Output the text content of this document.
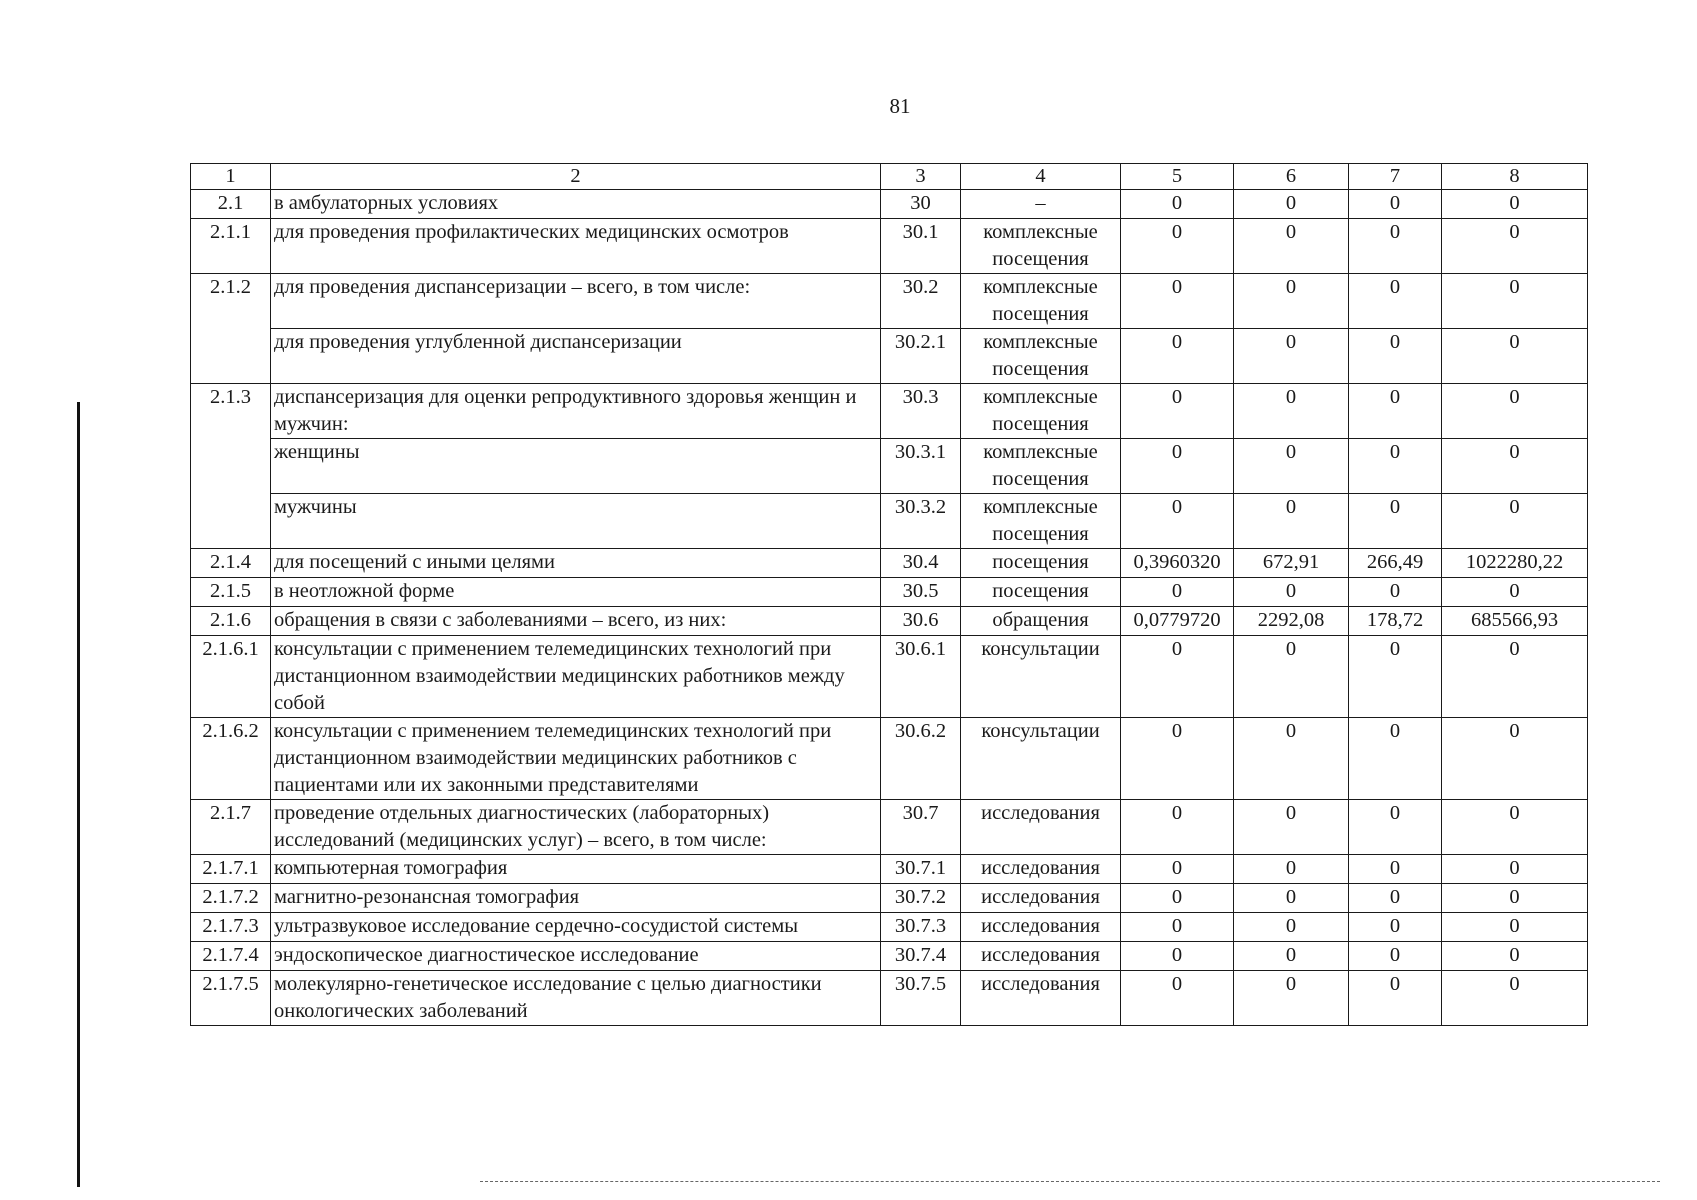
81
1	2	3	4	5	6	7	8
2.1	в амбулаторных условиях	30	–	0	0	0	0
2.1.1	для проведения профилактических медицинских осмотров	30.1	комплексные посещения	0	0	0	0
2.1.2	для проведения диспансеризации – всего, в том числе:	30.2	комплексные посещения	0	0	0	0
	для проведения углубленной диспансеризации	30.2.1	комплексные посещения	0	0	0	0
2.1.3	диспансеризация для оценки репродуктивного здоровья женщин и мужчин:	30.3	комплексные посещения	0	0	0	0
	женщины	30.3.1	комплексные посещения	0	0	0	0
	мужчины	30.3.2	комплексные посещения	0	0	0	0
2.1.4	для посещений с иными целями	30.4	посещения	0,3960320	672,91	266,49	1022280,22
2.1.5	в неотложной форме	30.5	посещения	0	0	0	0
2.1.6	обращения в связи с заболеваниями – всего, из них:	30.6	обращения	0,0779720	2292,08	178,72	685566,93
2.1.6.1	консультации с применением телемедицинских технологий при дистанционном взаимодействии медицинских работников между собой	30.6.1	консультации	0	0	0	0
2.1.6.2	консультации с применением телемедицинских технологий при дистанционном взаимодействии медицинских работников с пациентами или их законными представителями	30.6.2	консультации	0	0	0	0
2.1.7	проведение отдельных диагностических (лабораторных) исследований (медицинских услуг) – всего, в том числе:	30.7	исследования	0	0	0	0
2.1.7.1	компьютерная томография	30.7.1	исследования	0	0	0	0
2.1.7.2	магнитно-резонансная томография	30.7.2	исследования	0	0	0	0
2.1.7.3	ультразвуковое исследование сердечно-сосудистой системы	30.7.3	исследования	0	0	0	0
2.1.7.4	эндоскопическое диагностическое исследование	30.7.4	исследования	0	0	0	0
2.1.7.5	молекулярно-генетическое исследование с целью диагностики онкологических заболеваний	30.7.5	исследования	0	0	0	0
